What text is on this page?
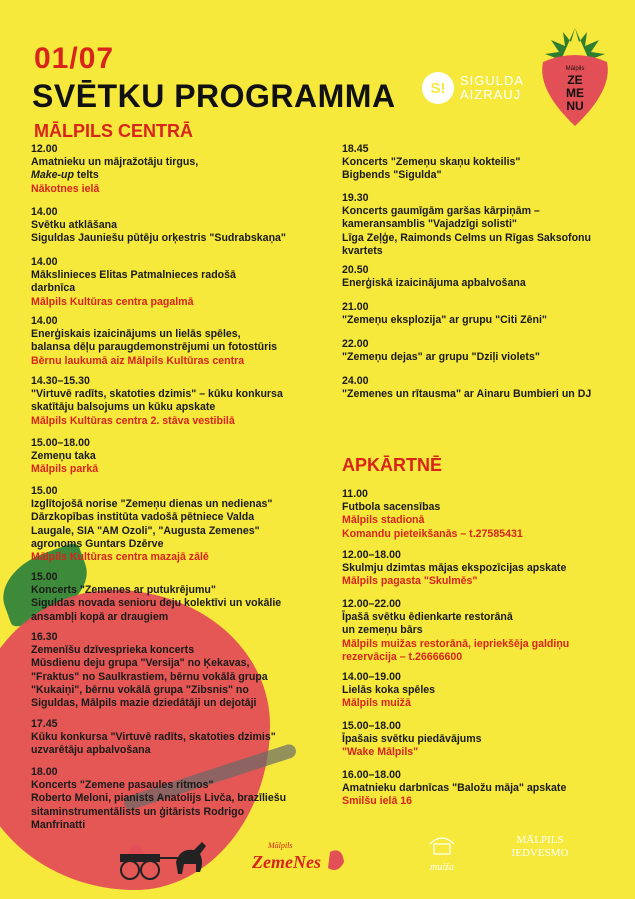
01/07
SVĒTKU PROGRAMMA	S!	SIGULDA
AIZRAUJ
Mālpils
ZE
ME
NU
MĀLPILS CENTRĀ
APKĀRTNĒ
12.00
Amatnieku un mājražotāju tirgus,
Make-up telts
Nākotnes ielā
14.00
Svētku atklāšana
Siguldas Jauniešu pūtēju orķestris "Sudrabskaņa"
14.00
Mākslinieces Elitas Patmalnieces radošā
darbnīca
Mālpils Kultūras centra pagalmā
14.00
Enerģiskais izaicinājums un lielās spēles,
balansa dēļu paraugdemonstrējumi un fotostūris
Bērnu laukumā aiz Mālpils Kultūras centra
14.30–15.30
"Virtuvē radīts, skatoties dzimis" – kūku konkursa
skatītāju balsojums un kūku apskate
Mālpils Kultūras centra 2. stāva vestibilā
15.00–18.00
Zemeņu taka
Mālpils parkā
15.00
Izglītojošā norise "Zemeņu dienas un nedienas"
Dārzkopības institūta vadošā pētniece Valda
Laugale, SIA "AM Ozoli", "Augusta Zemenes"
agronoms Guntars Dzērve
Mālpils Kultūras centra mazajā zālē
15.00
Koncerts "Zemenes ar putukrējumu"
Siguldas novada senioru deju kolektīvi un vokālie
ansambļi kopā ar draugiem
16.30
Zemenīšu dzīvesprieka koncerts
Mūsdienu deju grupa "Versija" no Ķekavas,
"Fraktus" no Saulkrastiem, bērnu vokālā grupa
"Kukaiņi", bērnu vokālā grupa "Zibsnis" no
Siguldas, Mālpils mazie dziedātāji un dejotāji
17.45
Kūku konkursa "Virtuvē radīts, skatoties dzimis"
uzvarētāju apbalvošana
18.00
Koncerts "Zemene pasaules ritmos"
Roberto Meloni, pianists Anatolijs Livča, brazīliešu
sitaminstrumentālists un ģitārists Rodrigo
Manfrinatti
18.45
Koncerts "Zemeņu skaņu kokteilis"
Bigbends "Sigulda"
19.30
Koncerts gaumīgām garšas kārpiņām –
kameransamblis "Vajadzīgi solisti"
Līga Zeļģe, Raimonds Celms un Rīgas Saksofonu
kvartets
20.50
Enerģiskā izaicinājuma apbalvošana
21.00
"Zemeņu eksplozija" ar grupu "Citi Zēni"
22.00
"Zemeņu dejas" ar grupu "Dziļi violets"
24.00
"Zemenes un rītausma" ar Ainaru Bumbieri un DJ
11.00
Futbola sacensības
Mālpils stadionā
Komandu pieteikšanās – t.27585431
12.00–18.00
Skulmju dzimtas mājas ekspozīcijas apskate
Mālpils pagasta "Skulmēs"
12.00–22.00
Īpašā svētku ēdienkarte restorānā
un zemeņu bārs
Mālpils muižas restorānā, iepriekšēja galdiņu
rezervācija – t.26666600
14.00–19.00
Lielās koka spēles
Mālpils muižā
15.00–18.00
Īpašais svētku piedāvājums
"Wake Mālpils"
16.00–18.00
Amatnieku darbnīcas "Baložu māja" apskate
Smilšu ielā 16
Mālpils
ZemeNes	muiža
MĀLPILS
IEDVESMO
